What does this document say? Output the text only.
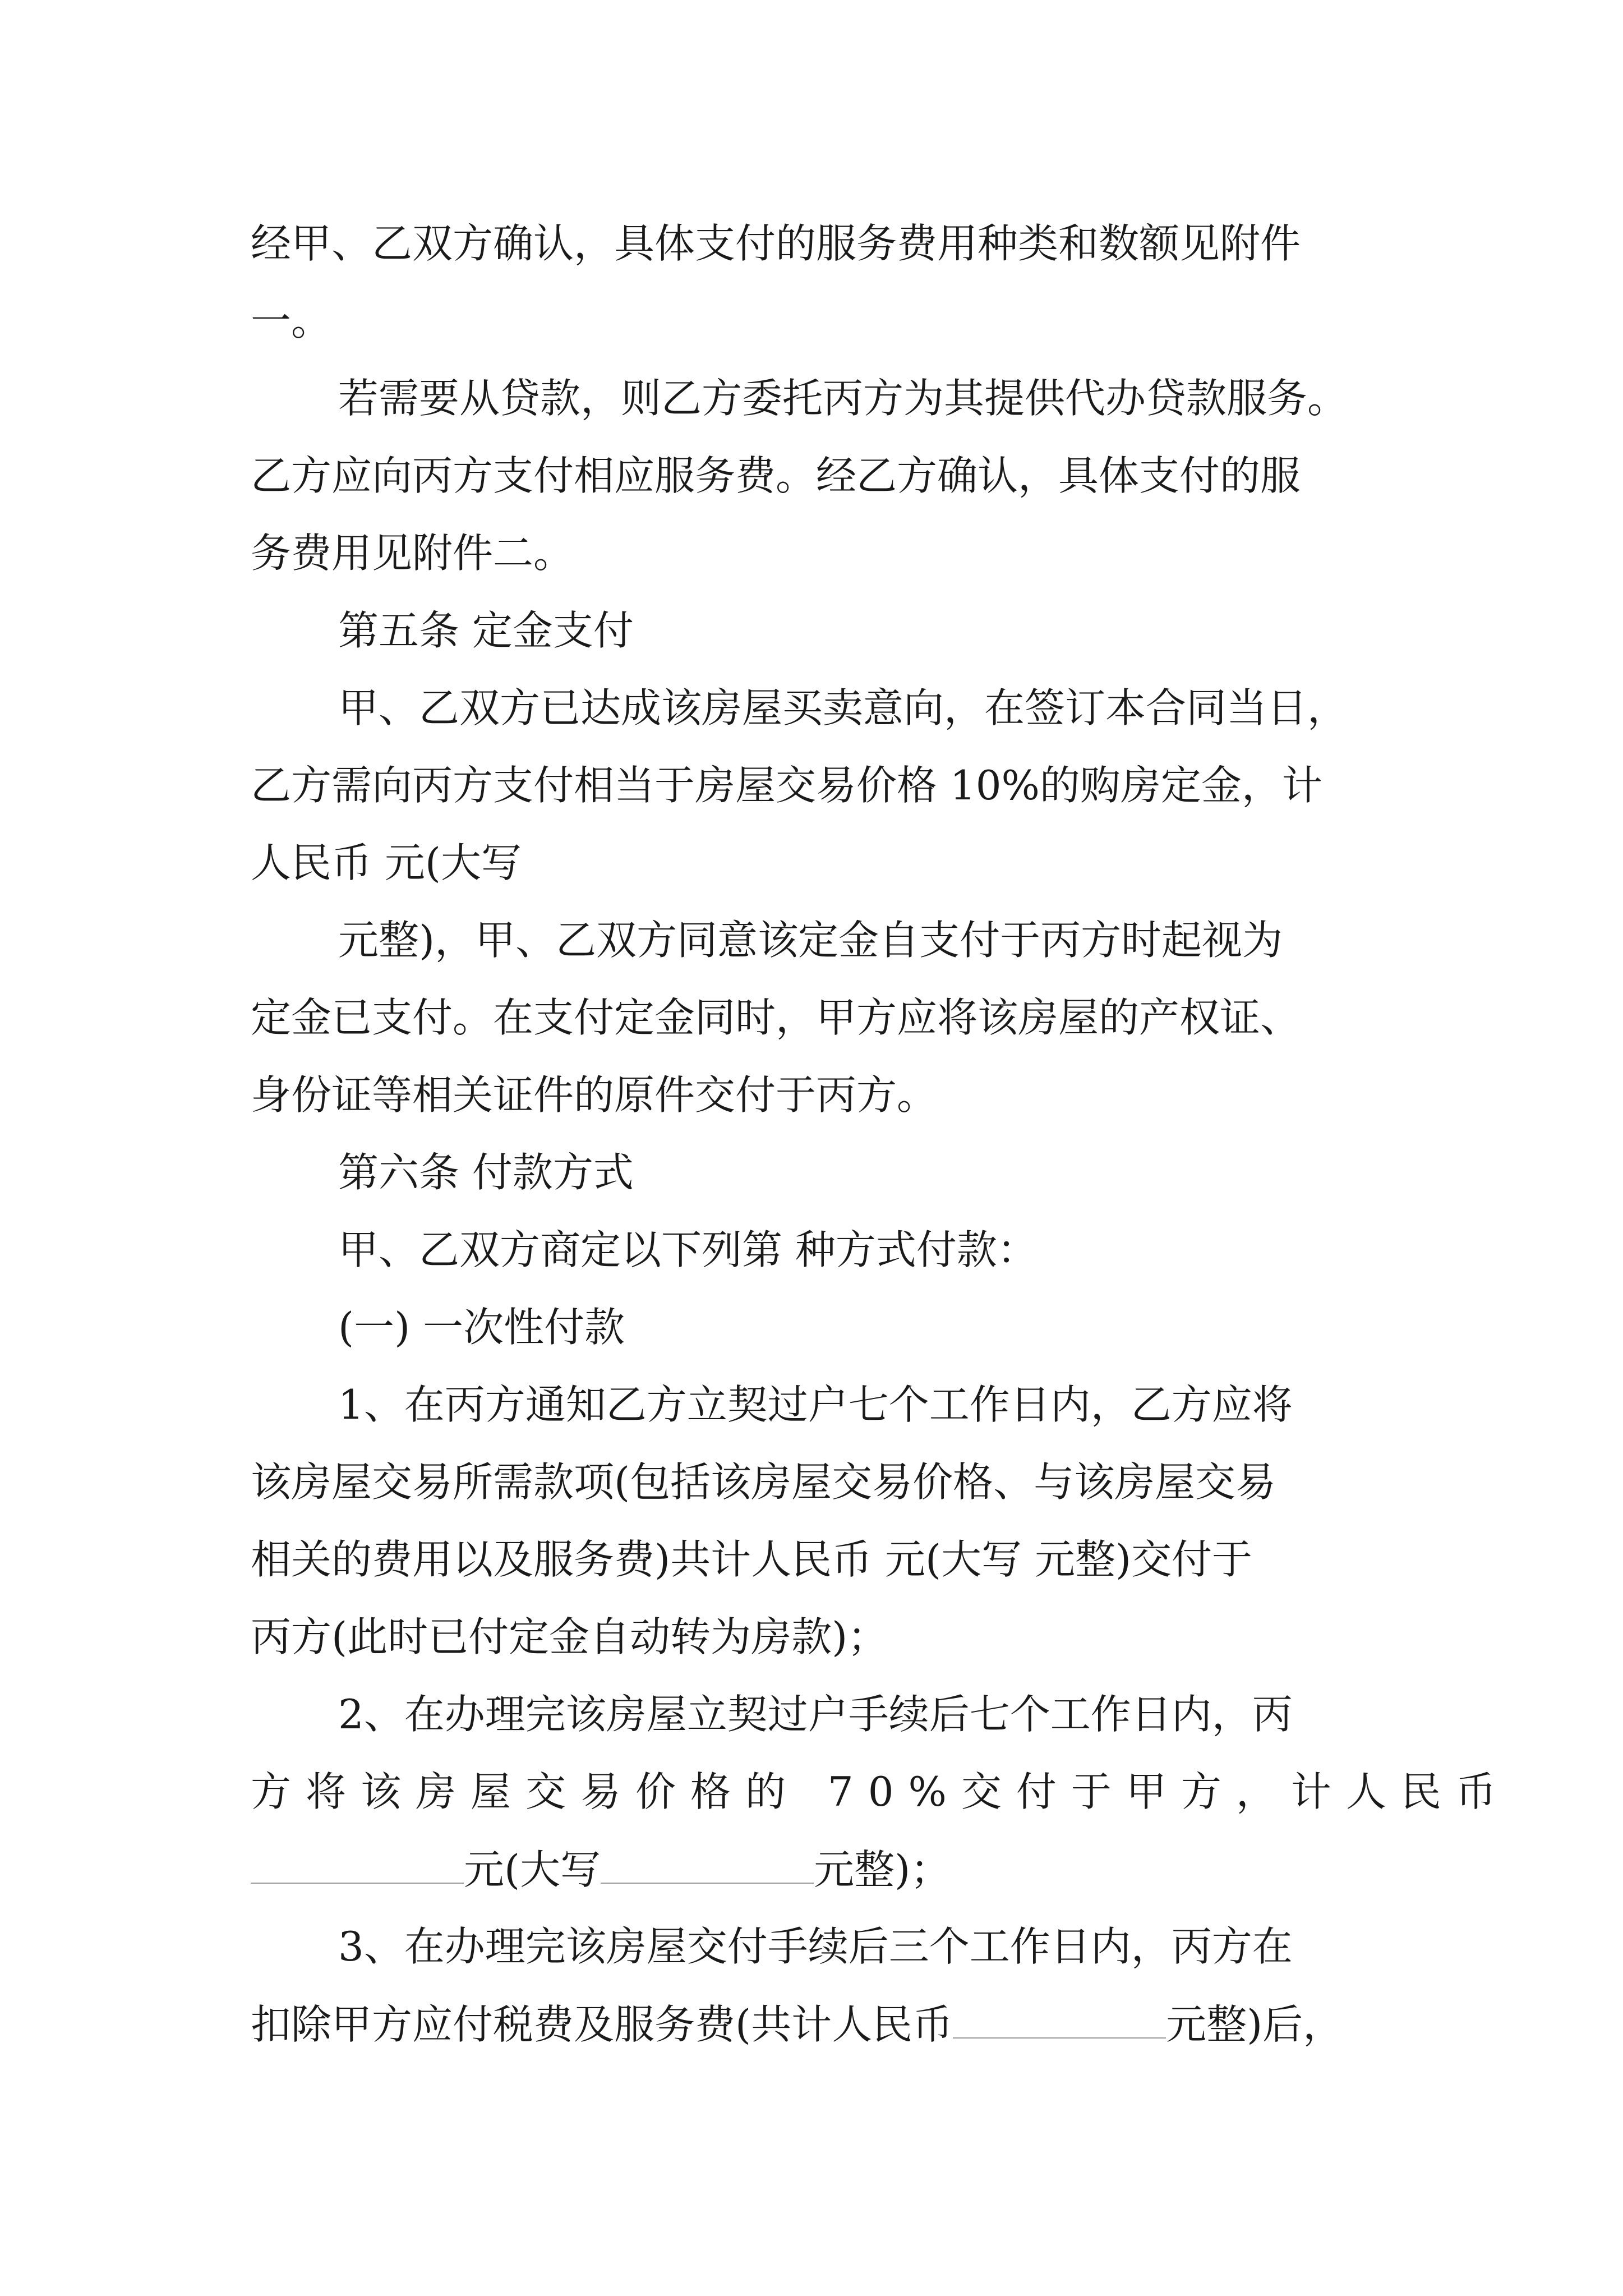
经甲、乙双方确认，具体支付的服务费用种类和数额见附件
一。
若需要从贷款，则乙方委托丙方为其提供代办贷款服务。
乙方应向丙方支付相应服务费。经乙方确认，具体支付的服
务费用见附件二。
第五条 定金支付
甲、乙双方已达成该房屋买卖意向，在签订本合同当日，
乙方需向丙方支付相当于房屋交易价格 10%的购房定金，计
人民币 元(大写
元整)，甲、乙双方同意该定金自支付于丙方时起视为
定金已支付。在支付定金同时，甲方应将该房屋的产权证、
身份证等相关证件的原件交付于丙方。
第六条 付款方式
甲、乙双方商定以下列第 种方式付款：
(一) 一次性付款
1、在丙方通知乙方立契过户七个工作日内，乙方应将
该房屋交易所需款项(包括该房屋交易价格、与该房屋交易
相关的费用以及服务费)共计人民币 元(大写 元整)交付于
丙方(此时已付定金自动转为房款)；
2、在办理完该房屋立契过户手续后七个工作日内，丙
方将该房屋交易价格的 70%交付于甲方，计人民币
元(大写	元整)；
3、在办理完该房屋交付手续后三个工作日内，丙方在
扣除甲方应付税费及服务费(共计人民币	元整)后，
